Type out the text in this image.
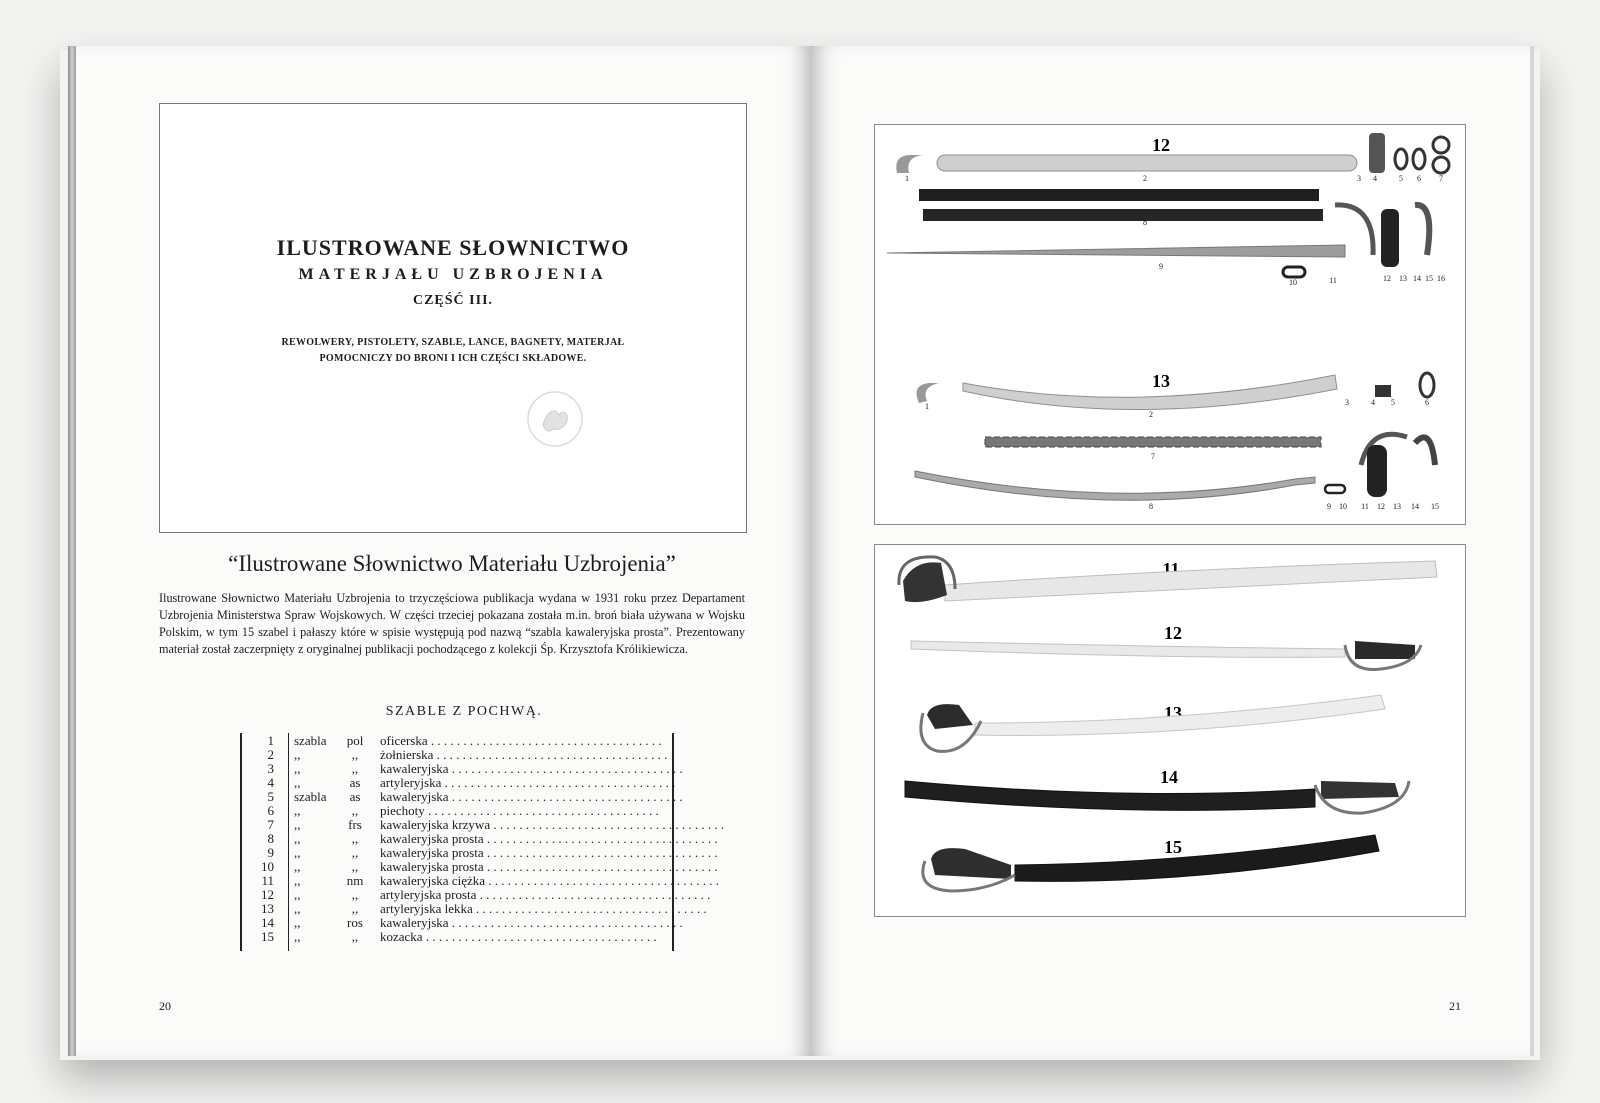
ILUSTROWANE SŁOWNICTWO
MATERJAŁU UZBROJENIA
CZĘŚĆ III.
REWOLWERY, PISTOLETY, SZABLE, LANCE, BAGNETY, MATERJAŁ
POMOCNICZY DO BRONI I ICH CZĘŚCI SKŁADOWE.
“Ilustrowane Słownictwo Materiału Uzbrojenia”
Ilustrowane Słownictwo Materiału Uzbrojenia to trzyczęściowa publikacja wydana w 1931 roku przez Departament Uzbrojenia Ministerstwa Spraw Wojskowych. W części trzeciej pokazana została m.in. broń biała używana w Wojsku Polskim, w tym 15 szabel i pałaszy które w spisie występują pod nazwą “szabla kawaleryjska prosta”. Prezentowany materiał został zaczerpnięty z oryginalnej publikacji pochodzącego z kolekcji Śp. Krzysztofa Królikiewicza.
SZABLE Z POCHWĄ.
1 szabla	pol	oficerska . . . . . . . . . . . . . . . . . . . . . . . . . . . . . . . . . . . .
2 ,,	,,	żołnierska . . . . . . . . . . . . . . . . . . . . . . . . . . . . . . . . . . . .
3 ,,	,,	kawaleryjska . . . . . . . . . . . . . . . . . . . . . . . . . . . . . . . . . . . .
4 ,,	as	artyleryjska . . . . . . . . . . . . . . . . . . . . . . . . . . . . . . . . . . . .
5 szabla	as	kawaleryjska . . . . . . . . . . . . . . . . . . . . . . . . . . . . . . . . . . . .
6 ,,	,,	piechoty . . . . . . . . . . . . . . . . . . . . . . . . . . . . . . . . . . . .
7 ,,	frs	kawaleryjska krzywa . . . . . . . . . . . . . . . . . . . . . . . . . . . . . . . . . . . .
8 ,,	,,	kawaleryjska prosta . . . . . . . . . . . . . . . . . . . . . . . . . . . . . . . . . . . .
9 ,,	,,	kawaleryjska prosta . . . . . . . . . . . . . . . . . . . . . . . . . . . . . . . . . . . .
10 ,,	,,	kawaleryjska prosta . . . . . . . . . . . . . . . . . . . . . . . . . . . . . . . . . . . .
11 ,,	nm	kawaleryjska ciężka . . . . . . . . . . . . . . . . . . . . . . . . . . . . . . . . . . . .
12 ,,	,,	artyleryjska prosta . . . . . . . . . . . . . . . . . . . . . . . . . . . . . . . . . . . .
13 ,,	,,	artyleryjska lekka . . . . . . . . . . . . . . . . . . . . . . . . . . . . . . . . . . . .
14 ,,	ros	kawaleryjska . . . . . . . . . . . . . . . . . . . . . . . . . . . . . . . . . . . .
15 ,,	,,	kozacka . . . . . . . . . . . . . . . . . . . . . . . . . . . . . . . . . . . .
20
12
1	2	3 4	5 6 7
8
9
10	11	12 13 14 15 16
13
1
2
3	4 5	6
7
8	9 10 11 12 13 14 15
11
12
13
14
15
21
